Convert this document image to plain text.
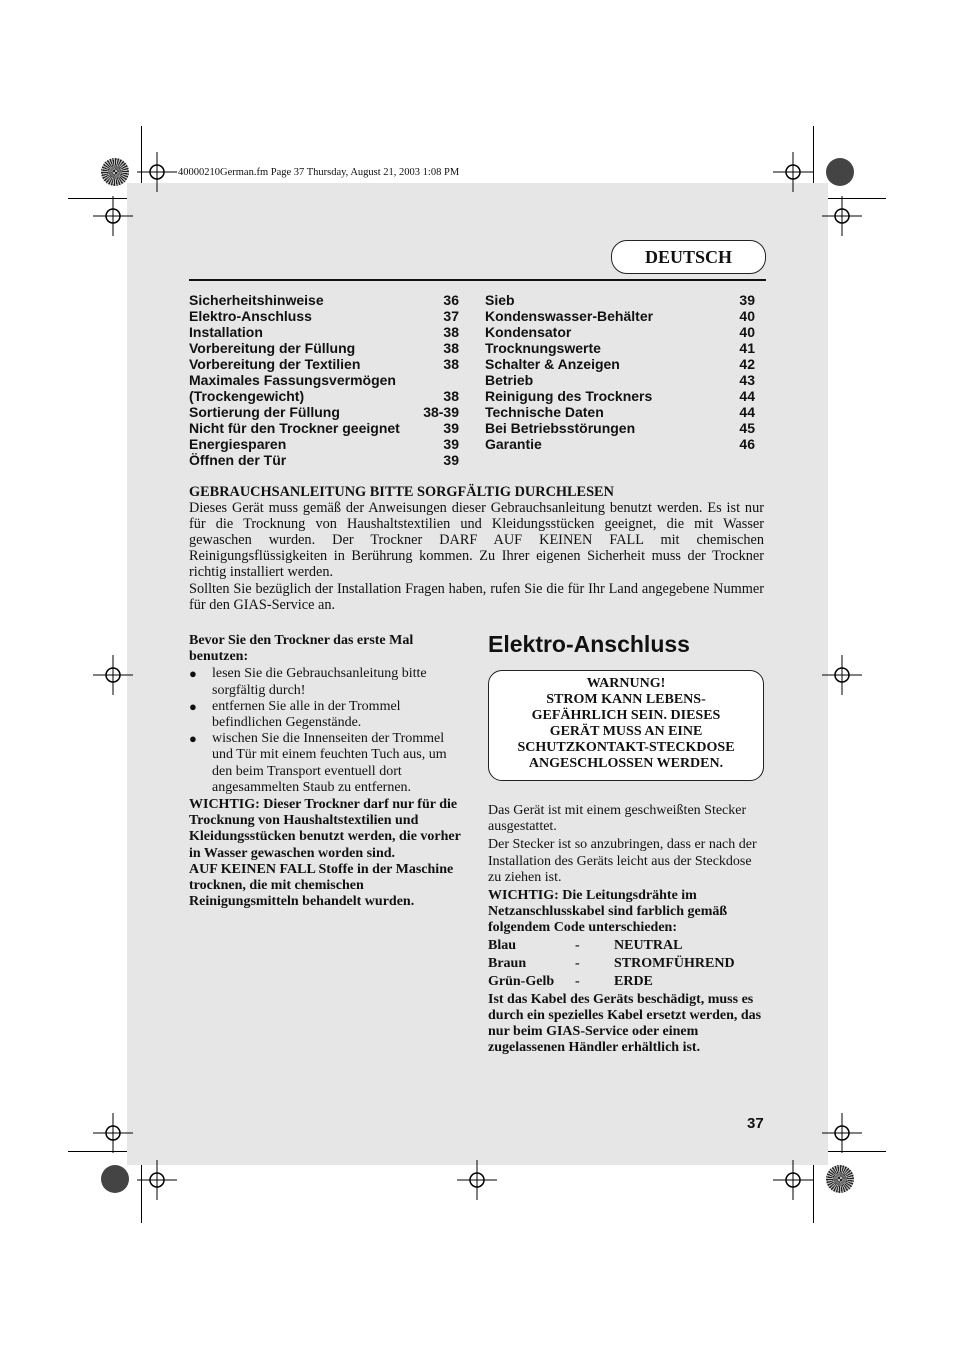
40000210German.fm Page 37 Thursday, August 21, 2003 1:08 PM
DEUTSCH
Sicherheitshinweise	36
Elektro-Anschluss	37
Installation	38
Vorbereitung der Füllung	38
Vorbereitung der Textilien	38
Maximales Fassungsvermögen
(Trockengewicht)	38
Sortierung der Füllung	38-39
Nicht für den Trockner geeignet	39
Energiesparen	39
Öffnen der Tür	39
Sieb	39
Kondenswasser-Behälter	40
Kondensator	40
Trocknungswerte	41
Schalter & Anzeigen	42
Betrieb	43
Reinigung des Trockners	44
Technische Daten	44
Bei Betriebsstörungen	45
Garantie	46
GEBRAUCHSANLEITUNG BITTE SORGFÄLTIG DURCHLESEN

Dieses Gerät muss gemäß der Anweisungen dieser Gebrauchsanleitung benutzt werden. Es ist nur für die Trocknung von Haushaltstextilien und Kleidungsstücken geeignet, die mit Wasser gewaschen wurden. Der Trockner DARF AUF KEINEN FALL mit chemischen Reinigungsflüssigkeiten in Berührung kommen. Zu Ihrer eigenen Sicherheit muss der Trockner richtig installiert werden.

Sollten Sie bezüglich der Installation Fragen haben, rufen Sie die für Ihr Land angegebene Nummer für den GIAS-Service an.

Bevor Sie den Trockner das erste Mal benutzen:

●	lesen Sie die Gebrauchsanleitung bitte sorgfältig durch!
●	entfernen Sie alle in der Trommel befindlichen Gegenstände.
●	wischen Sie die Innenseiten der Trommel und Tür mit einem feuchten Tuch aus, um den beim Transport eventuell dort angesammelten Staub zu entfernen.

WICHTIG: Dieser Trockner darf nur für die Trocknung von Haushaltstextilien und Kleidungsstücken benutzt werden, die vorher in Wasser gewaschen worden sind.

AUF KEINEN FALL Stoffe in der Maschine trocknen, die mit chemischen Reinigungsmitteln behandelt wurden.

Elektro-Anschluss
WARNUNG!
STROM KANN LEBENS-
GEFÄHRLICH SEIN. DIESES
GERÄT MUSS AN EINE
SCHUTZKONTAKT-STECKDOSE
ANGESCHLOSSEN WERDEN.

Das Gerät ist mit einem geschweißten Stecker ausgestattet.

Der Stecker ist so anzubringen, dass er nach der Installation des Geräts leicht aus der Steckdose zu ziehen ist.

WICHTIG: Die Leitungsdrähte im Netzanschlusskabel sind farblich gemäß folgendem Code unterschieden:

Blau	-	NEUTRAL
Braun	-	STROMFÜHREND
Grün-Gelb	-	ERDE

Ist das Kabel des Geräts beschädigt, muss es durch ein spezielles Kabel ersetzt werden, das nur beim GIAS-Service oder einem zugelassenen Händler erhältlich ist.

37
